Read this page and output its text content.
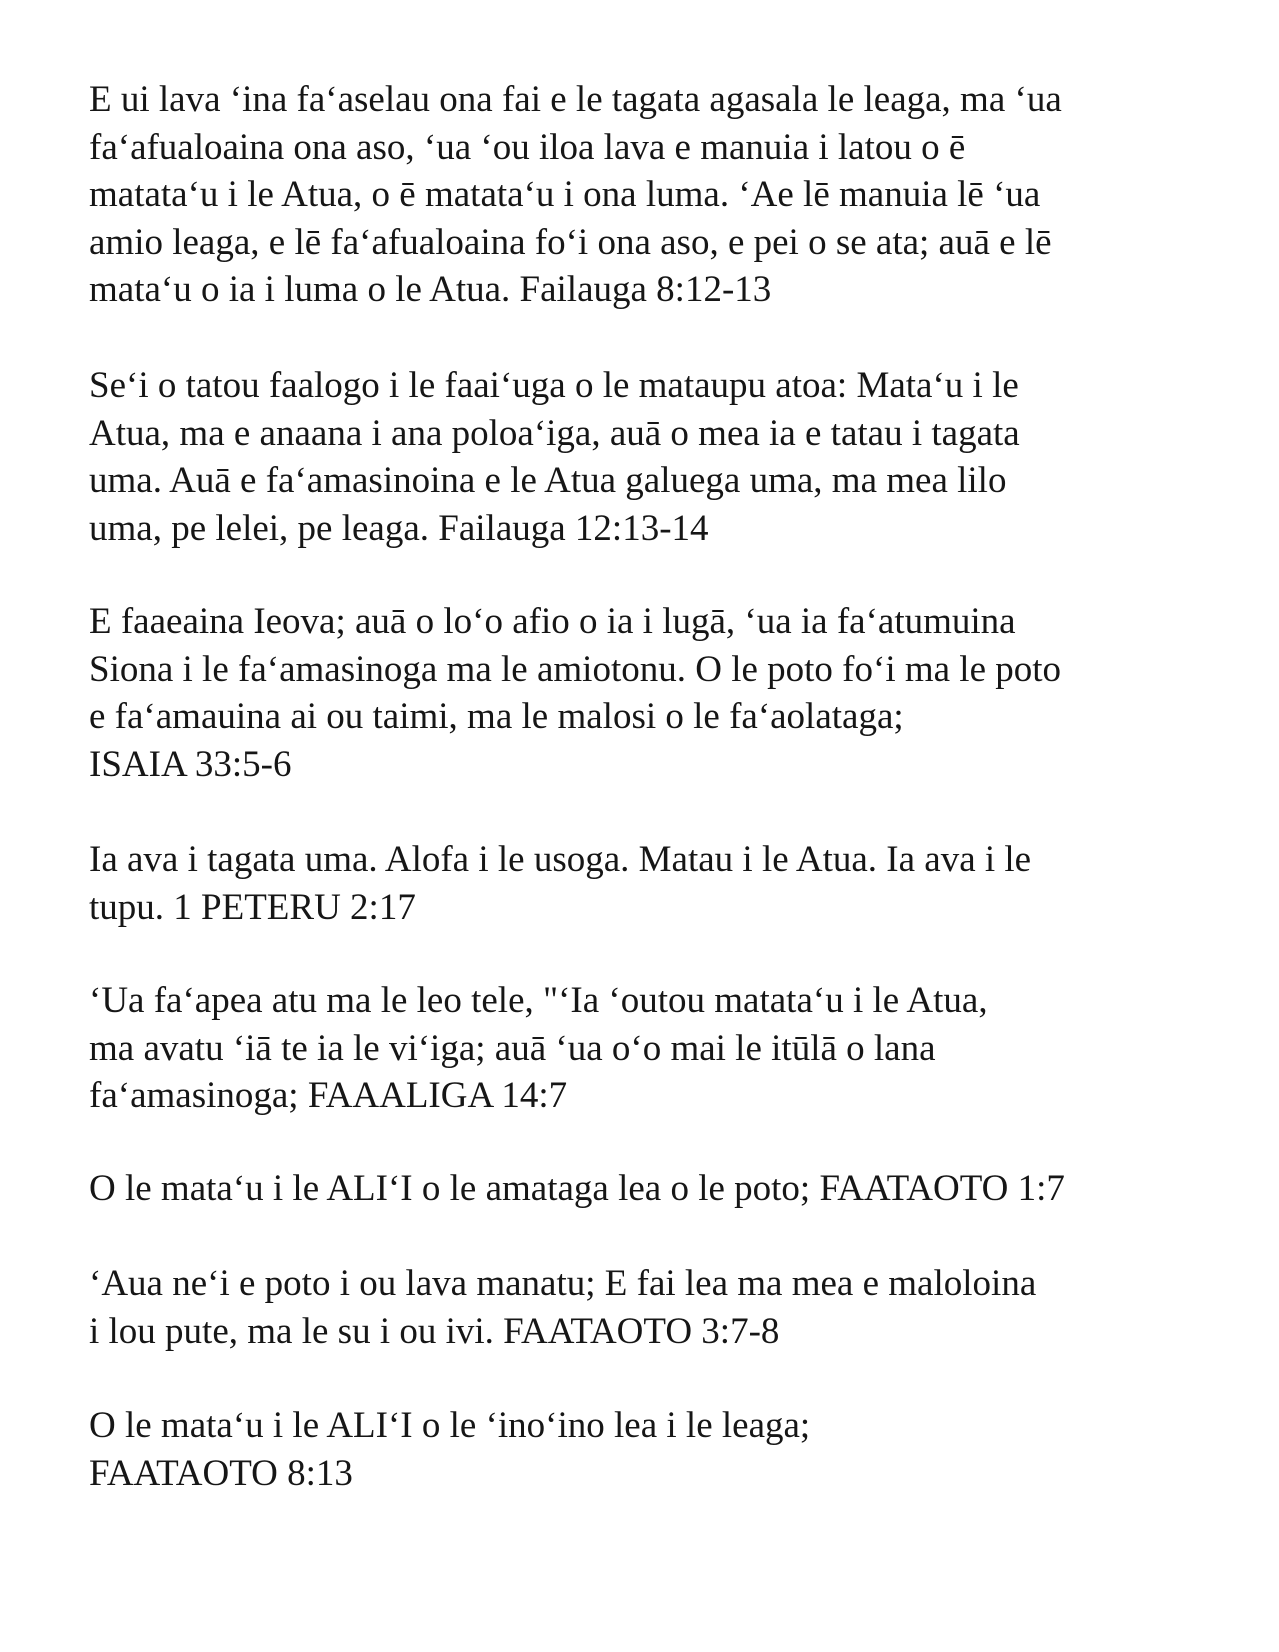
E ui lava ‘ina fa‘aselau ona fai e le tagata agasala le leaga, ma ‘ua
fa‘afualoaina ona aso, ‘ua ‘ou iloa lava e manuia i latou o ē
matata‘u i le Atua, o ē matata‘u i ona luma. ‘Ae lē manuia lē ‘ua
amio leaga, e lē fa‘afualoaina fo‘i ona aso, e pei o se ata; auā e lē
mata‘u o ia i luma o le Atua. Failauga 8:12-13
Se‘i o tatou faalogo i le faai‘uga o le mataupu atoa: Mata‘u i le
Atua, ma e anaana i ana poloa‘iga, auā o mea ia e tatau i tagata
uma. Auā e fa‘amasinoina e le Atua galuega uma, ma mea lilo
uma, pe lelei, pe leaga. Failauga 12:13-14
E faaeaina Ieova; auā o lo‘o afio o ia i lugā, ‘ua ia fa‘atumuina
Siona i le fa‘amasinoga ma le amiotonu. O le poto fo‘i ma le poto
e fa‘amauina ai ou taimi, ma le malosi o le fa‘aolataga;
ISAIA 33:5-6
Ia ava i tagata uma. Alofa i le usoga. Matau i le Atua. Ia ava i le
tupu. 1 PETERU 2:17
‘Ua fa‘apea atu ma le leo tele, "‘Ia ‘outou matata‘u i le Atua,
ma avatu ‘iā te ia le vi‘iga; auā ‘ua o‘o mai le itūlā o lana
fa‘amasinoga; FAAALIGA 14:7
O le mata‘u i le ALI‘I o le amataga lea o le poto; FAATAOTO 1:7
‘Aua ne‘i e poto i ou lava manatu; E fai lea ma mea e maloloina
i lou pute, ma le su i ou ivi. FAATAOTO 3:7-8
O le mata‘u i le ALI‘I o le ‘ino‘ino lea i le leaga;
FAATAOTO 8:13
